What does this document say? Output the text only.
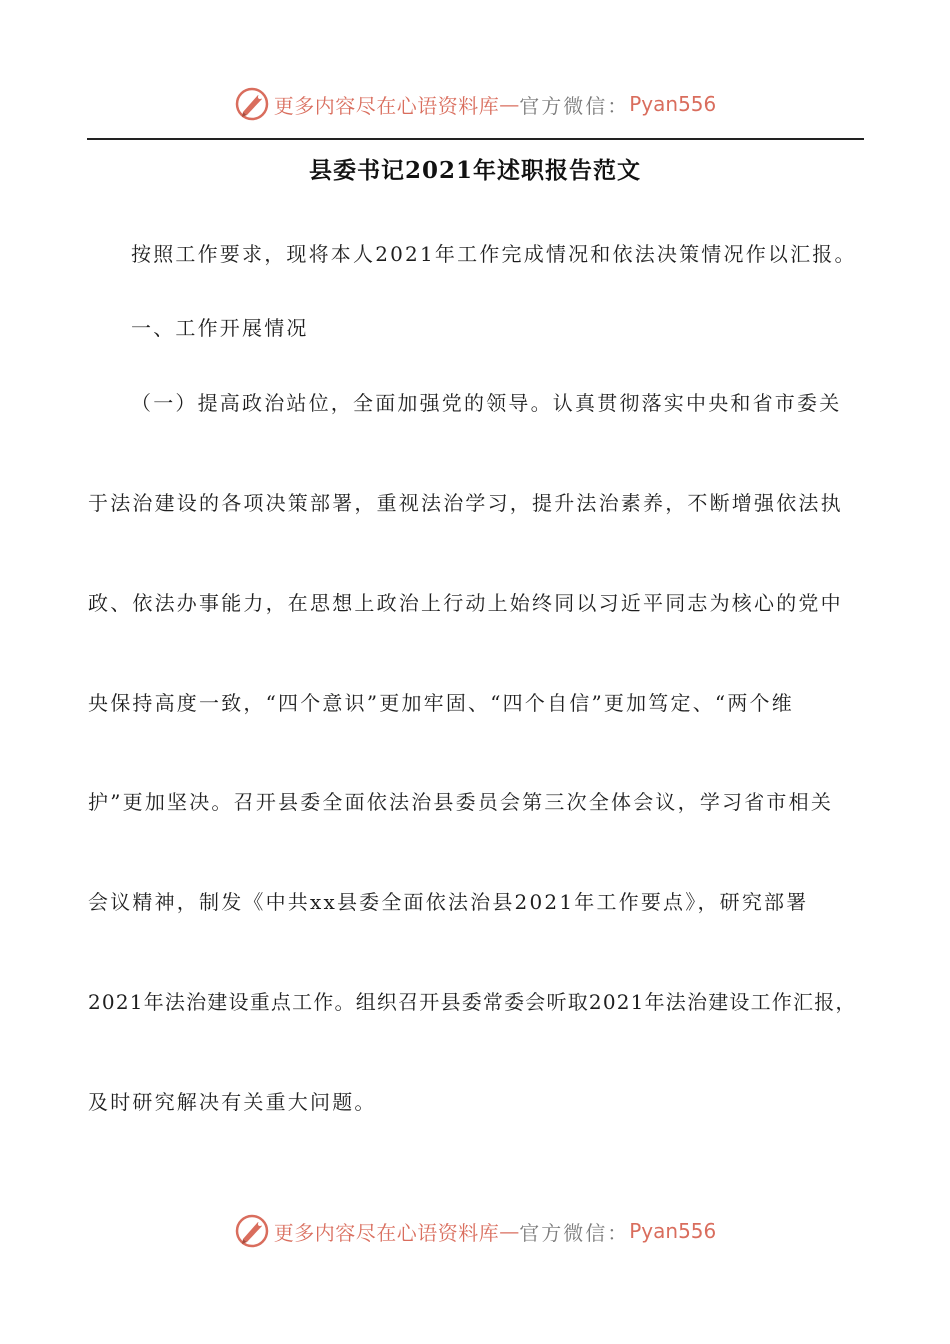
更多内容尽在心语资料库 — 官方微信： Pyan556
县委书记2021年述职报告范文
按照工作要求，现将本人2021年工作完成情况和依法决策情况作以汇报。
一、工作开展情况
（一）提高政治站位，全面加强党的领导。认真贯彻落实中央和省市委关
于法治建设的各项决策部署，重视法治学习，提升法治素养，不断增强依法执
政、依法办事能力，在思想上政治上行动上始终同以习近平同志为核心的党中
央保持高度一致，“四个意识”更加牢固、“四个自信”更加笃定、“两个维
护”更加坚决。召开县委全面依法治县委员会第三次全体会议，学习省市相关
会议精神，制发《中共xx县委全面依法治县2021年工作要点》，研究部署
2021年法治建设重点工作。组织召开县委常委会听取2021年法治建设工作汇报，
及时研究解决有关重大问题。
更多内容尽在心语资料库 — 官方微信： Pyan556
